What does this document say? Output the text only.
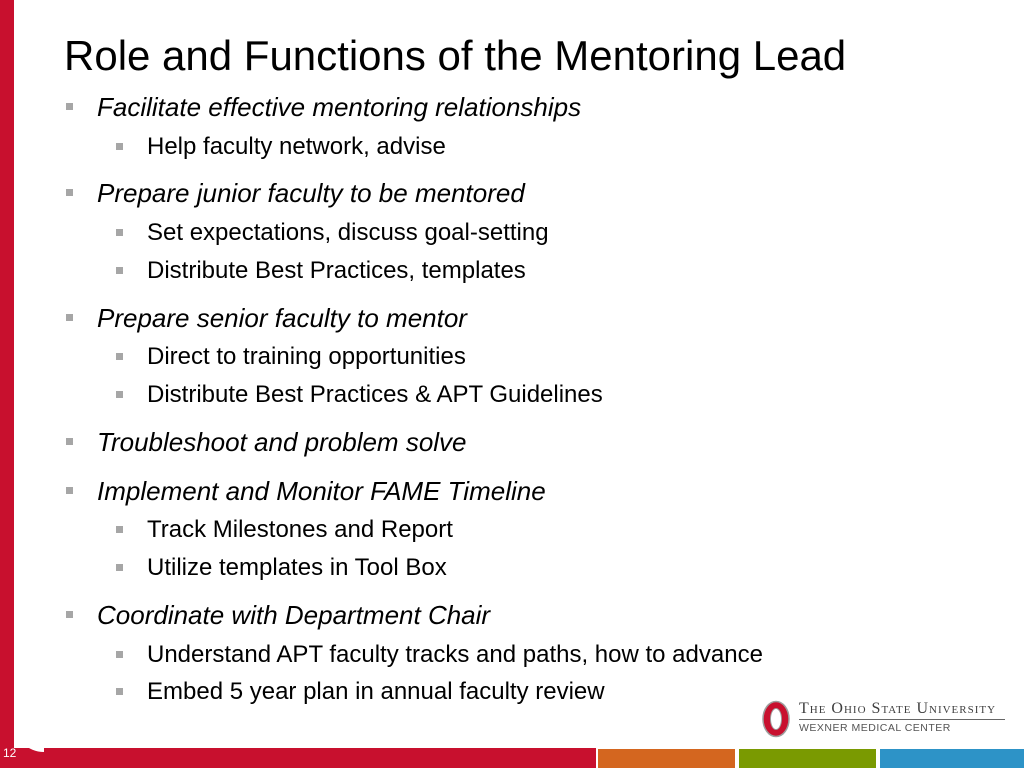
12
Role and Functions of the Mentoring Lead
Facilitate effective mentoring relationships
Help faculty network, advise
Prepare junior faculty to be mentored
Set expectations, discuss goal-setting
Distribute Best Practices, templates
Prepare senior faculty to mentor
Direct to training opportunities
Distribute Best Practices & APT Guidelines
Troubleshoot and problem solve
Implement and Monitor FAME Timeline
Track Milestones and Report
Utilize templates in Tool Box
Coordinate with Department Chair
Understand APT faculty tracks and paths, how to advance
Embed 5 year plan in annual faculty review
The Ohio State University
WEXNER MEDICAL CENTER
